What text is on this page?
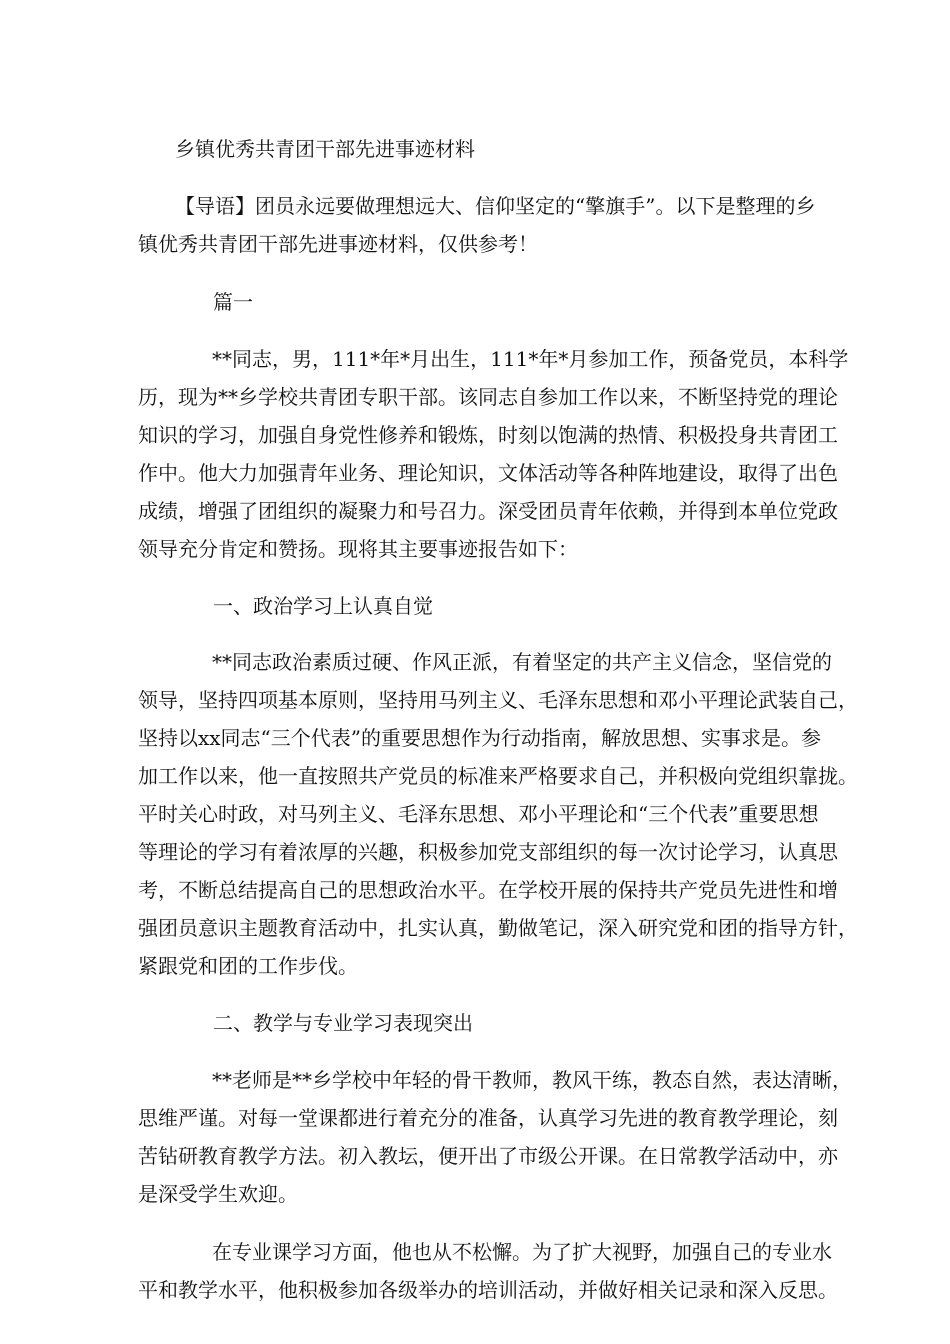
乡镇优秀共青团干部先进事迹材料
【导语】团员永远要做理想远大、信仰坚定的“擎旗手”。以下是整理的乡
镇优秀共青团干部先进事迹材料，仅供参考！
篇一
**同志，男，111*年*月出生，111*年*月参加工作，预备党员，本科学
历，现为**乡学校共青团专职干部。该同志自参加工作以来，不断坚持党的理论
知识的学习，加强自身党性修养和锻炼，时刻以饱满的热情、积极投身共青团工
作中。他大力加强青年业务、理论知识，文体活动等各种阵地建设，取得了出色
成绩，增强了团组织的凝聚力和号召力。深受团员青年依赖，并得到本单位党政
领导充分肯定和赞扬。现将其主要事迹报告如下：
一、政治学习上认真自觉
**同志政治素质过硬、作风正派，有着坚定的共产主义信念，坚信党的
领导，坚持四项基本原则，坚持用马列主义、毛泽东思想和邓小平理论武装自己，
坚持以xx同志“三个代表”的重要思想作为行动指南，解放思想、实事求是。参
加工作以来，他一直按照共产党员的标准来严格要求自己，并积极向党组织靠拢。
平时关心时政，对马列主义、毛泽东思想、邓小平理论和“三个代表”重要思想
等理论的学习有着浓厚的兴趣，积极参加党支部组织的每一次讨论学习，认真思
考，不断总结提高自己的思想政治水平。在学校开展的保持共产党员先进性和增
强团员意识主题教育活动中，扎实认真，勤做笔记，深入研究党和团的指导方针，
紧跟党和团的工作步伐。
二、教学与专业学习表现突出
**老师是**乡学校中年轻的骨干教师，教风干练，教态自然，表达清晰，
思维严谨。对每一堂课都进行着充分的准备，认真学习先进的教育教学理论，刻
苦钻研教育教学方法。初入教坛，便开出了市级公开课。在日常教学活动中，亦
是深受学生欢迎。
在专业课学习方面，他也从不松懈。为了扩大视野，加强自己的专业水
平和教学水平，他积极参加各级举办的培训活动，并做好相关记录和深入反思。
